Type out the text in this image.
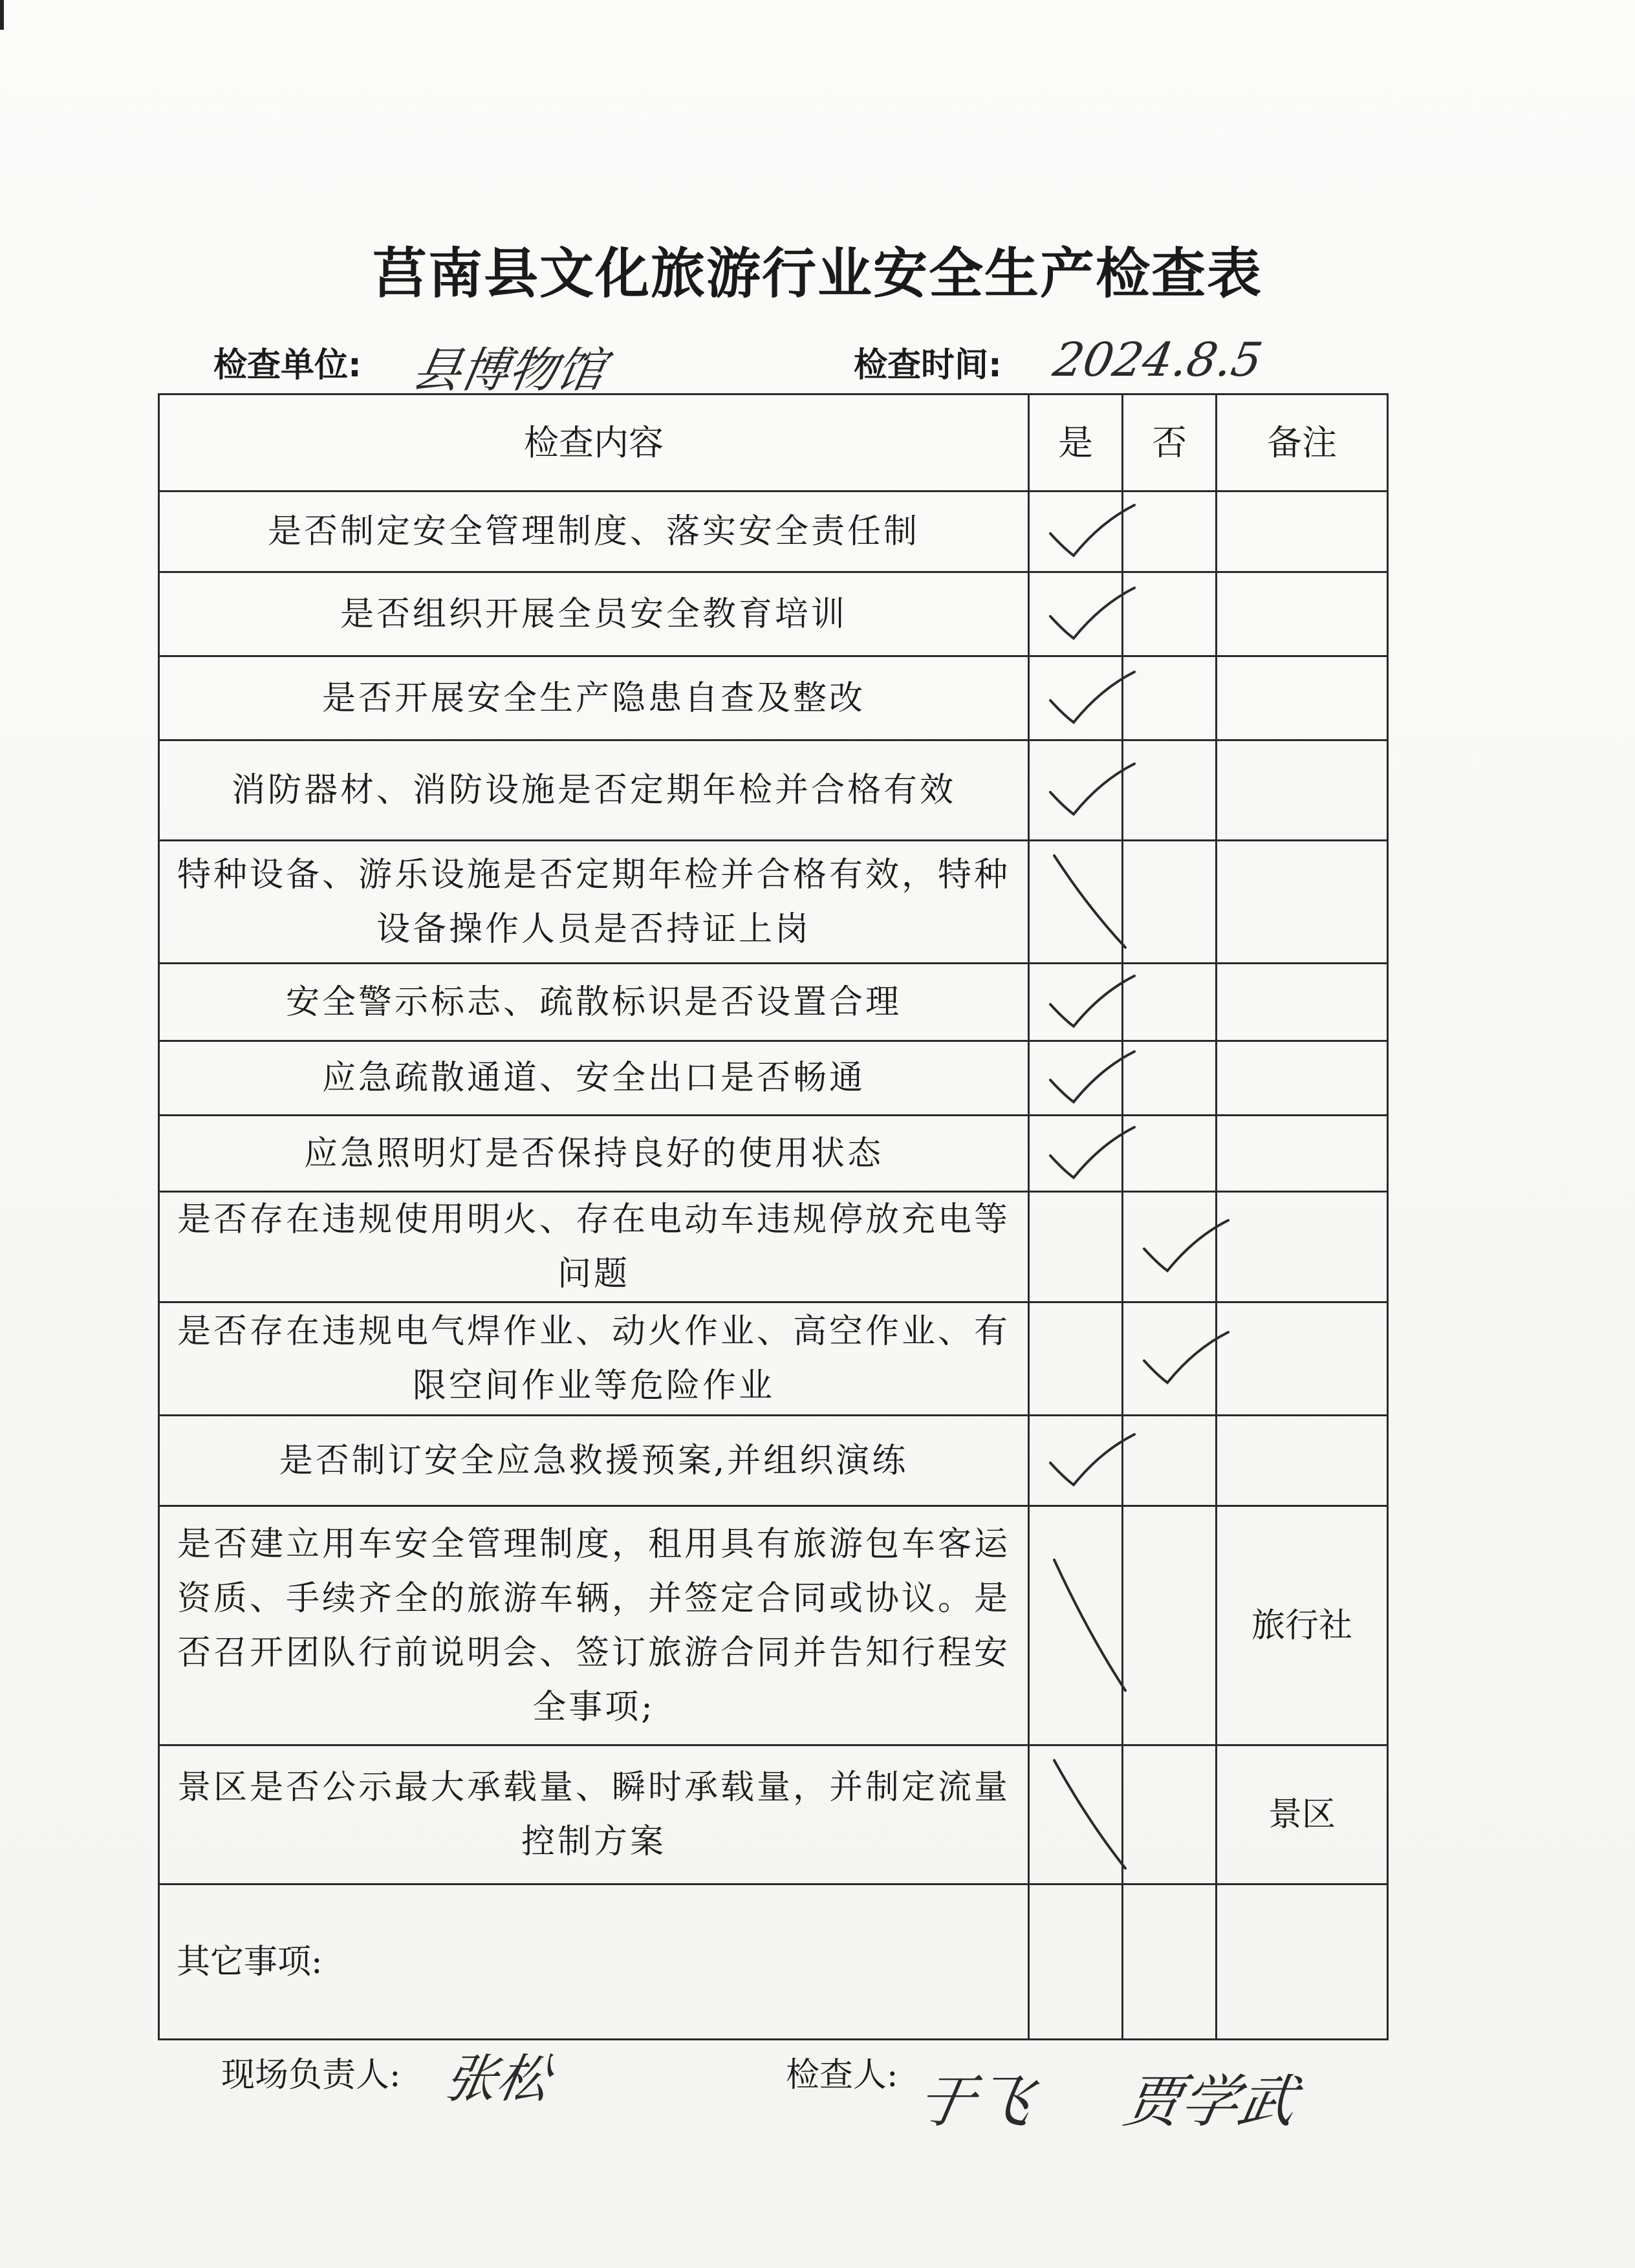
莒南县文化旅游行业安全生产检查表
检查单位: 县博物馆	检查时间: 2024.8.5
检查内容	是	否	备注
是否制定安全管理制度、落实安全责任制	

是否组织开展全员安全教育培训	

是否开展安全生产隐患自查及整改	

消防器材、消防设施是否定期年检并合格有效	

特种设备、游乐设施是否定期年检并合格有效，特种设备操作人员是否持证上岗	

安全警示标志、疏散标识是否设置合理	

应急疏散通道、安全出口是否畅通	

应急照明灯是否保持良好的使用状态	

是否存在违规使用明火、存在电动车违规停放充电等问题		

是否存在违规电气焊作业、动火作业、高空作业、有限空间作业等危险作业		

是否制订安全应急救援预案,并组织演练	

是否建立用车安全管理制度，租用具有旅游包车客运资质、手续齐全的旅游车辆，并签定合同或协议。是否召开团队行前说明会、签订旅游合同并告知行程安全事项;			旅行社
景区是否公示最大承载量、瞬时承载量，并制定流量控制方案			景区
其它事项:			
现场负责人: 张松	检查人: 于飞 贾学武
